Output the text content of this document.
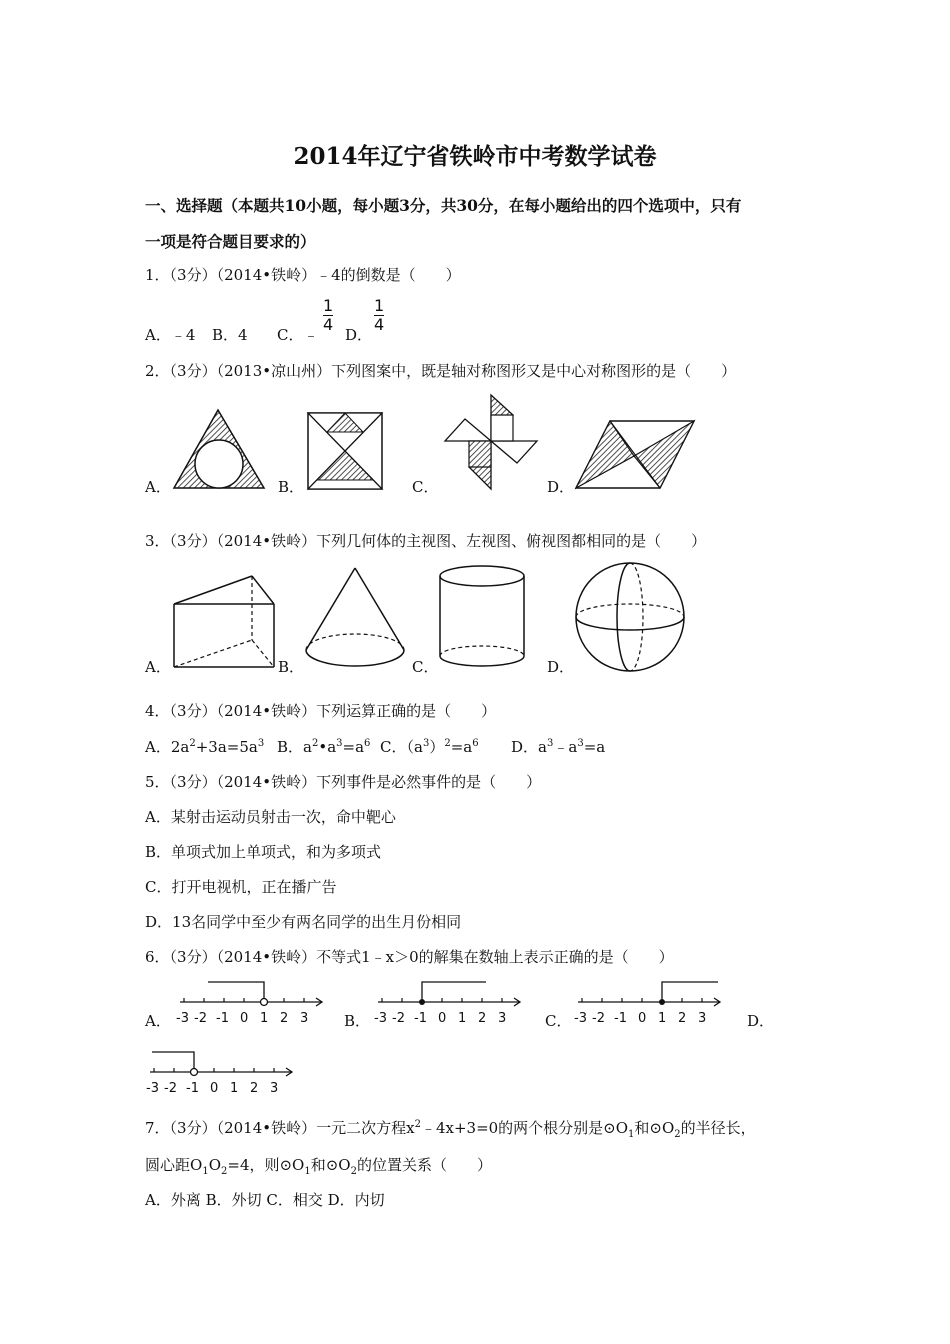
2014年辽宁省铁岭市中考数学试卷
一、选择题（本题共10小题，每小题3分，共30分，在每小题给出的四个选项中，只有
一项是符合题目要求的）
1．（3分）（2014•铁岭）﹣4的倒数是（　　）
A．﹣4 B．4 C．﹣
$\frac{1}{4}$
D．
$\frac{1}{4}$
2．（3分）（2013•凉山州）下列图案中，既是轴对称图形又是中心对称图形的是（　　）
A．	B．	C．	D．
3．（3分）（2014•铁岭）下列几何体的主视图、左视图、俯视图都相同的是（　　）
A．	B．	C．	D．
4．（3分）（2014•铁岭）下列运算正确的是（　　）
A．$2a^2+3a=5a^3$ B．$a^2•a^3=a^6$ C．$(a^3)^2=a^6$ D．$a^3﹣a^3=a$
5．（3分）（2014•铁岭）下列事件是必然事件的是（　　）
A．某射击运动员射击一次，命中靶心
B．单项式加上单项式，和为多项式
C．打开电视机，正在播广告
D．13名同学中至少有两名同学的出生月份相同
6．（3分）（2014•铁岭）不等式1﹣x＞0的解集在数轴上表示正确的是（　　）
-3 -2 -1 0 1 2 3
A．	-3 -2 -1 0 1 2 3
B．	-3 -2 -1 0 1 2 3
C．	D．
-3 -2 -1 0 1 2 3
7．（3分）（2014•铁岭）一元二次方程$x^2﹣4x+3=0$的两个根分别是$⊙O_1$和$⊙O_2$的半径长，
圆心距$O_1O_2=4$，则$⊙O_1$和$⊙O_2$的位置关系（　　）
A．外离 B．外切 C．相交 D．内切
